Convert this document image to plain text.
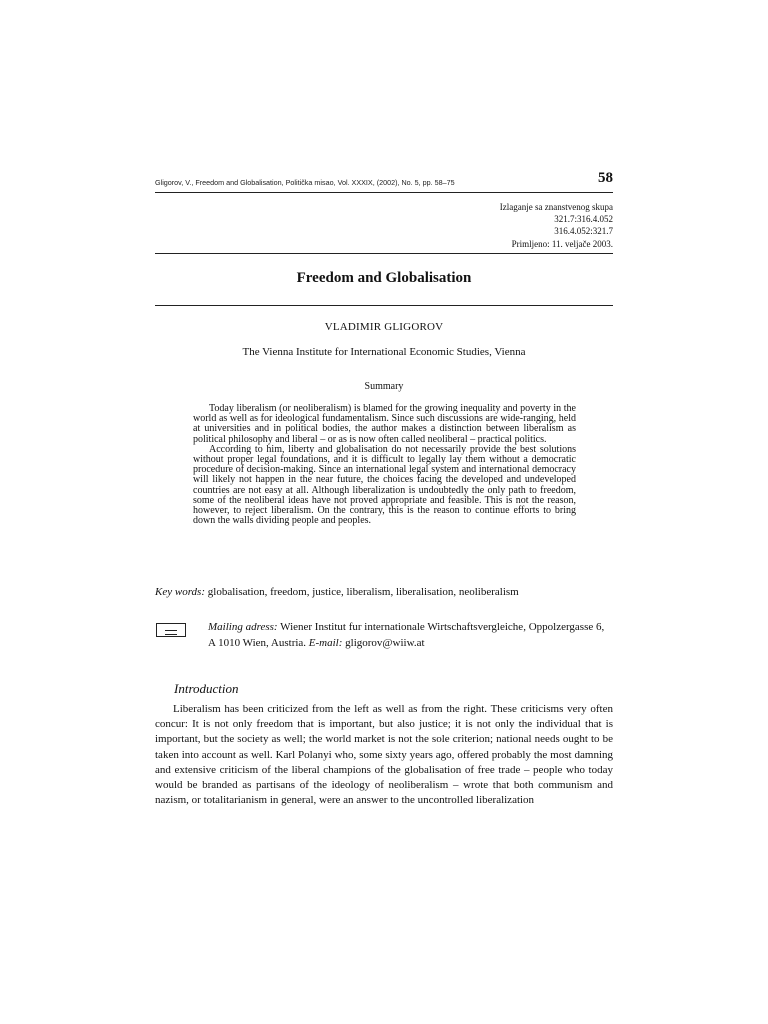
Gligorov, V., Freedom and Globalisation, Politička misao, Vol. XXXIX, (2002), No. 5, pp. 58–75	58
Izlaganje sa znanstvenog skupa
321.7:316.4.052
316.4.052:321.7
Primljeno: 11. veljače 2003.
Freedom and Globalisation
VLADIMIR GLIGOROV
The Vienna Institute for International Economic Studies, Vienna
Summary

Today liberalism (or neoliberalism) is blamed for the growing inequality and poverty in the world as well as for ideological fundamentalism. Since such discussions are wide-ranging, held at universities and in political bodies, the author makes a distinction between liberalism as political philosophy and liberal – or as is now often called neoliberal – practical politics.

According to him, liberty and globalisation do not necessarily provide the best solutions without proper legal foundations, and it is difficult to legally lay them without a democratic procedure of decision-making. Since an international legal system and international democracy will likely not happen in the near future, the choices facing the developed and undeveloped countries are not easy at all. Although liberalization is undoubtedly the only path to freedom, some of the neoliberal ideas have not proved appropriate and feasible. This is not the reason, however, to reject liberalism. On the contrary, this is the reason to continue efforts to bring down the walls dividing people and peoples.

Key words: globalisation, freedom, justice, liberalism, liberalisation, neoliberalism
Mailing adress: Wiener Institut fur internationale Wirtschaftsvergleiche, Oppolzergasse 6, A 1010 Wien, Austria. E-mail: gligorov@wiiw.at
Introduction

Liberalism has been criticized from the left as well as from the right. These criticisms very often concur: It is not only freedom that is important, but also justice; it is not only the individual that is important, but the society as well; the world market is not the sole criterion; national needs ought to be taken into account as well. Karl Polanyi who, some sixty years ago, offered probably the most damning and extensive criticism of the liberal champions of the globalisation of free trade – people who today would be branded as partisans of the ideology of neoliberalism – wrote that both communism and nazism, or totalitarianism in general, were an answer to the uncontrolled liberalization
